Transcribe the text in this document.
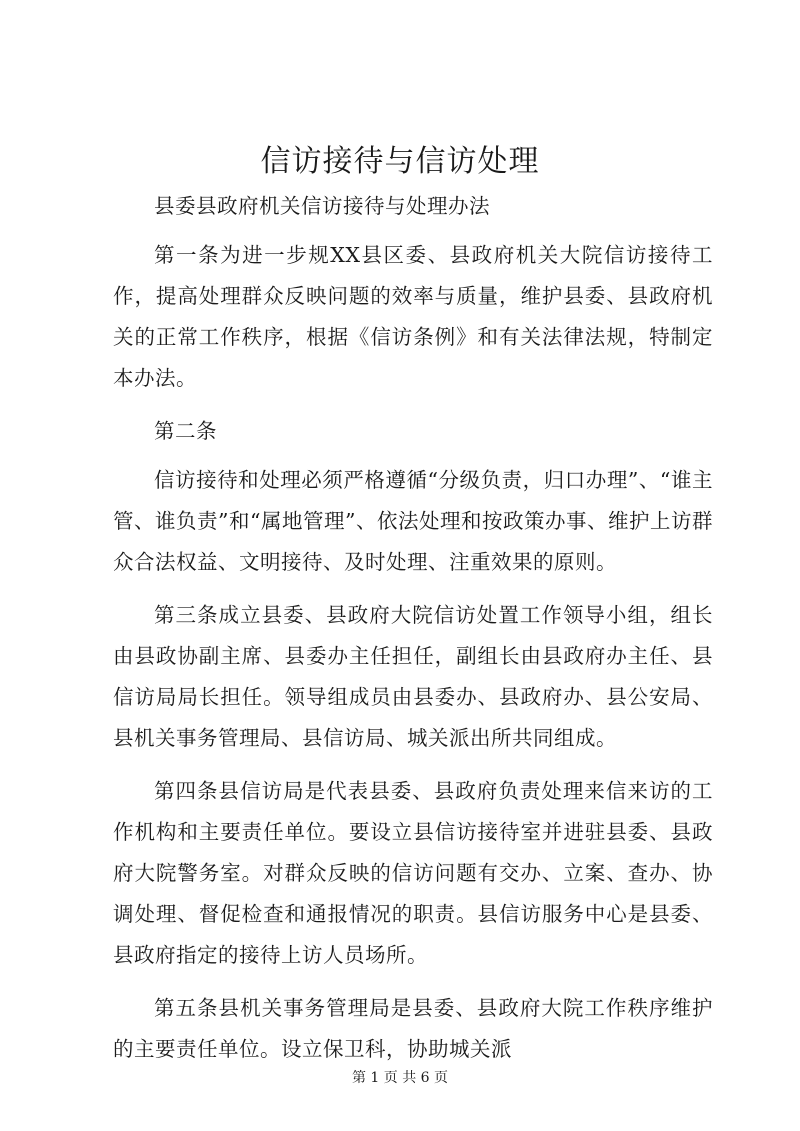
信访接待与信访处理

县委县政府机关信访接待与处理办法

第一条为进一步规XX县区委、县政府机关大院信访接待工作，提高处理群众反映问题的效率与质量，维护县委、县政府机关的正常工作秩序，根据《信访条例》和有关法律法规，特制定本办法。

第二条

信访接待和处理必须严格遵循“分级负责，归口办理”、“谁主管、谁负责”和“属地管理”、依法处理和按政策办事、维护上访群众合法权益、文明接待、及时处理、注重效果的原则。

第三条成立县委、县政府大院信访处置工作领导小组，组长由县政协副主席、县委办主任担任，副组长由县政府办主任、县信访局局长担任。领导组成员由县委办、县政府办、县公安局、县机关事务管理局、县信访局、城关派出所共同组成。

第四条县信访局是代表县委、县政府负责处理来信来访的工作机构和主要责任单位。要设立县信访接待室并进驻县委、县政府大院警务室。对群众反映的信访问题有交办、立案、查办、协调处理、督促检查和通报情况的职责。县信访服务中心是县委、县政府指定的接待上访人员场所。

第五条县机关事务管理局是县委、县政府大院工作秩序维护的主要责任单位。设立保卫科，协助城关派

第 1 页 共 6 页
